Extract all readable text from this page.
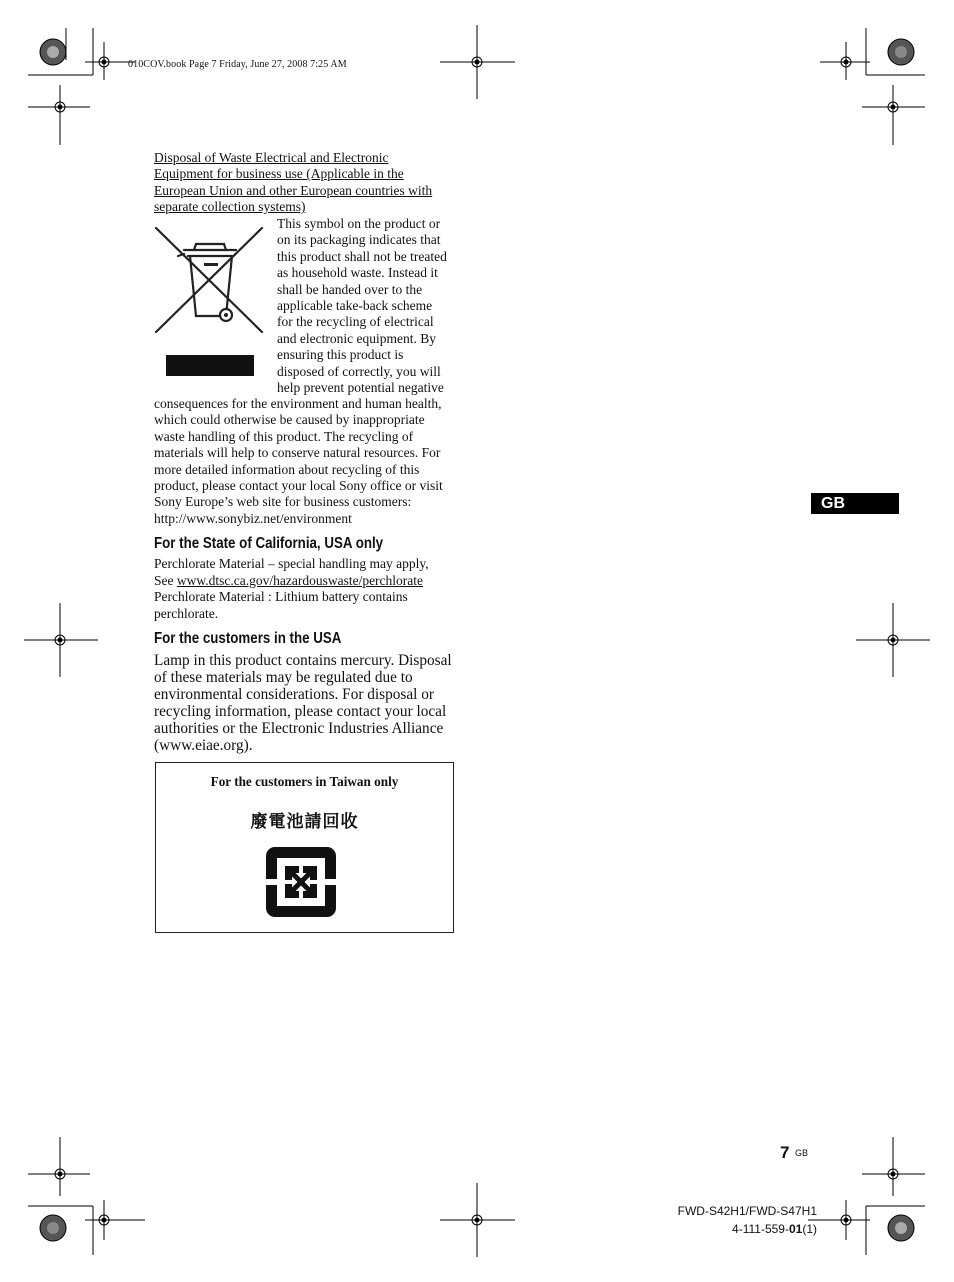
010COV.book Page 7 Friday, June 27, 2008 7:25 AM
Disposal of Waste Electrical and Electronic
Equipment for business use (Applicable in the
European Union and other European countries with
separate collection systems)
This symbol on the product or
on its packaging indicates that
this product shall not be treated
as household waste. Instead it
shall be handed over to the
applicable take-back scheme
for the recycling of electrical
and electronic equipment. By
ensuring this product is
disposed of correctly, you will
help prevent potential negative
consequences for the environment and human health,
which could otherwise be caused by inappropriate
waste handling of this product. The recycling of
materials will help to conserve natural resources. For
more detailed information about recycling of this
product, please contact your local Sony office or visit
Sony Europe’s web site for business customers:
http://www.sonybiz.net/environment
For the State of California, USA only
Perchlorate Material – special handling may apply,
See www.dtsc.ca.gov/hazardouswaste/perchlorate
Perchlorate Material : Lithium battery contains
perchlorate.
For the customers in the USA
Lamp in this product contains mercury. Disposal
of these materials may be regulated due to
environmental considerations. For disposal or
recycling information, please contact your local
authorities or the Electronic Industries Alliance
(www.eiae.org).
For the customers in Taiwan only
廢電池請回收
GB
7 GB
FWD-S42H1/FWD-S47H1
4-111-559-01(1)
